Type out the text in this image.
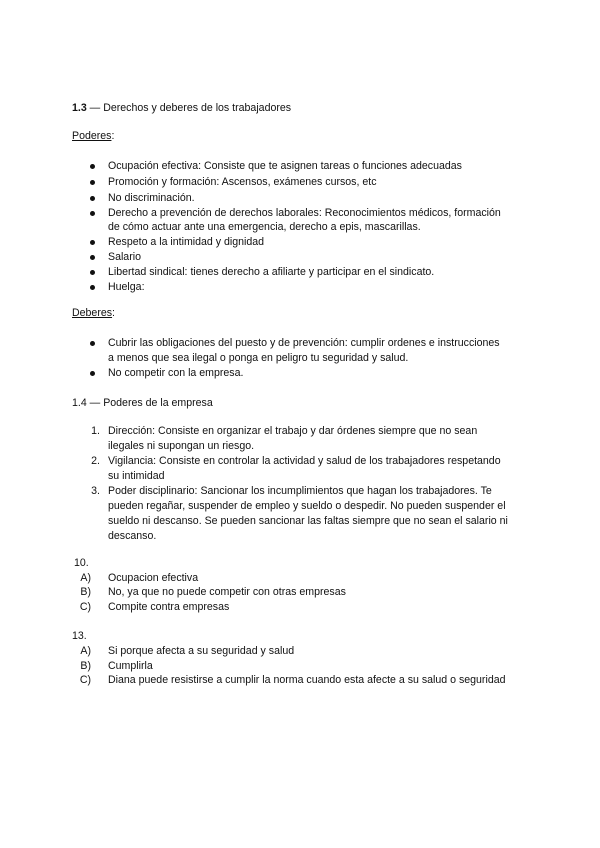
1.3 — Derechos y deberes de los trabajadores
Poderes:
Ocupación efectiva: Consiste que te asignen tareas o funciones adecuadas
Promoción y formación: Ascensos, exámenes cursos, etc
No discriminación.
Derecho a prevención de derechos laborales: Reconocimientos médicos, formación
de cómo actuar ante una emergencia, derecho a epis, mascarillas.
Respeto a la intimidad y dignidad
Salario
Libertad sindical: tienes derecho a afiliarte y participar en el sindicato.
Huelga:
Deberes:
Cubrir las obligaciones del puesto y de prevención: cumplir ordenes e instrucciones
a menos que sea ilegal o ponga en peligro tu seguridad y salud.
No competir con la empresa.
1.4 — Poderes de la empresa
1. Dirección: Consiste en organizar el trabajo y dar órdenes siempre que no sean
ilegales ni supongan un riesgo.
2. Vigilancia: Consiste en controlar la actividad y salud de los trabajadores respetando
su intimidad
3. Poder disciplinario: Sancionar los incumplimientos que hagan los trabajadores. Te
pueden regañar, suspender de empleo y sueldo o despedir. No pueden suspender el
sueldo ni descanso. Se pueden sancionar las faltas siempre que no sean el salario ni
descanso.
10.
A) Ocupacion efectiva
B) No, ya que no puede competir con otras empresas
C) Compite contra empresas
13.
A) Si porque afecta a su seguridad y salud
B) Cumplirla
C) Diana puede resistirse a cumplir la norma cuando esta afecte a su salud o seguridad
